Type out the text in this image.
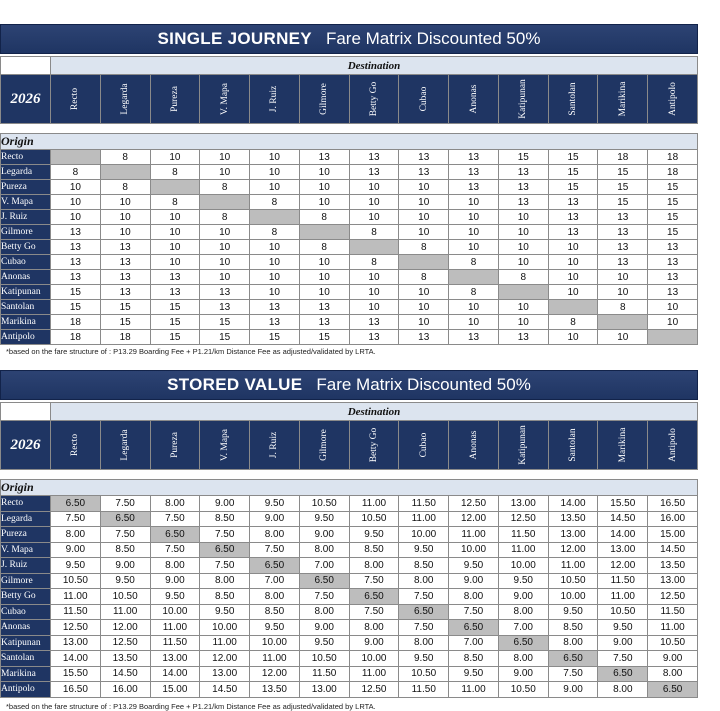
SINGLE JOURNEY Fare Matrix Discounted 50%
	Destination												
2026	Recto	Legarda	Pureza	V. Mapa	J. Ruiz	Gilmore	Betty Go	Cubao	Anonas	Katipunan	Santolan	Marikina	Antipolo

Origin													
Recto		8	10	10	10	13	13	13	13	15	15	18	18
Legarda	8		8	10	10	10	13	13	13	13	15	15	18
Pureza	10	8		8	10	10	10	10	13	13	15	15	15
V. Mapa	10	10	8		8	10	10	10	10	13	13	15	15
J. Ruiz	10	10	10	8		8	10	10	10	10	13	13	15
Gilmore	13	10	10	10	8		8	10	10	10	13	13	15
Betty Go	13	13	10	10	10	8		8	10	10	10	13	13
Cubao	13	13	10	10	10	10	8		8	10	10	13	13
Anonas	13	13	13	10	10	10	10	8		8	10	10	13
Katipunan	15	13	13	13	10	10	10	10	8		10	10	13
Santolan	15	15	15	13	13	13	10	10	10	10		8	10
Marikina	18	15	15	15	13	13	13	10	10	10	8		10
Antipolo	18	18	15	15	15	15	13	13	13	13	10	10	
*based on the fare structure of : P13.29 Boarding Fee + P1.21/km Distance Fee as adjusted/validated by LRTA.
STORED VALUE Fare Matrix Discounted 50%
	Destination												
2026	Recto	Legarda	Pureza	V. Mapa	J. Ruiz	Gilmore	Betty Go	Cubao	Anonas	Katipunan	Santolan	Marikina	Antipolo

Origin													
Recto	6.50	7.50	8.00	9.00	9.50	10.50	11.00	11.50	12.50	13.00	14.00	15.50	16.50
Legarda	7.50	6.50	7.50	8.50	9.00	9.50	10.50	11.00	12.00	12.50	13.50	14.50	16.00
Pureza	8.00	7.50	6.50	7.50	8.00	9.00	9.50	10.00	11.00	11.50	13.00	14.00	15.00
V. Mapa	9.00	8.50	7.50	6.50	7.50	8.00	8.50	9.50	10.00	11.00	12.00	13.00	14.50
J. Ruiz	9.50	9.00	8.00	7.50	6.50	7.00	8.00	8.50	9.50	10.00	11.00	12.00	13.50
Gilmore	10.50	9.50	9.00	8.00	7.00	6.50	7.50	8.00	9.00	9.50	10.50	11.50	13.00
Betty Go	11.00	10.50	9.50	8.50	8.00	7.50	6.50	7.50	8.00	9.00	10.00	11.00	12.50
Cubao	11.50	11.00	10.00	9.50	8.50	8.00	7.50	6.50	7.50	8.00	9.50	10.50	11.50
Anonas	12.50	12.00	11.00	10.00	9.50	9.00	8.00	7.50	6.50	7.00	8.50	9.50	11.00
Katipunan	13.00	12.50	11.50	11.00	10.00	9.50	9.00	8.00	7.00	6.50	8.00	9.00	10.50
Santolan	14.00	13.50	13.00	12.00	11.00	10.50	10.00	9.50	8.50	8.00	6.50	7.50	9.00
Marikina	15.50	14.50	14.00	13.00	12.00	11.50	11.00	10.50	9.50	9.00	7.50	6.50	8.00
Antipolo	16.50	16.00	15.00	14.50	13.50	13.00	12.50	11.50	11.00	10.50	9.00	8.00	6.50
*based on the fare structure of : P13.29 Boarding Fee + P1.21/km Distance Fee as adjusted/validated by LRTA.
